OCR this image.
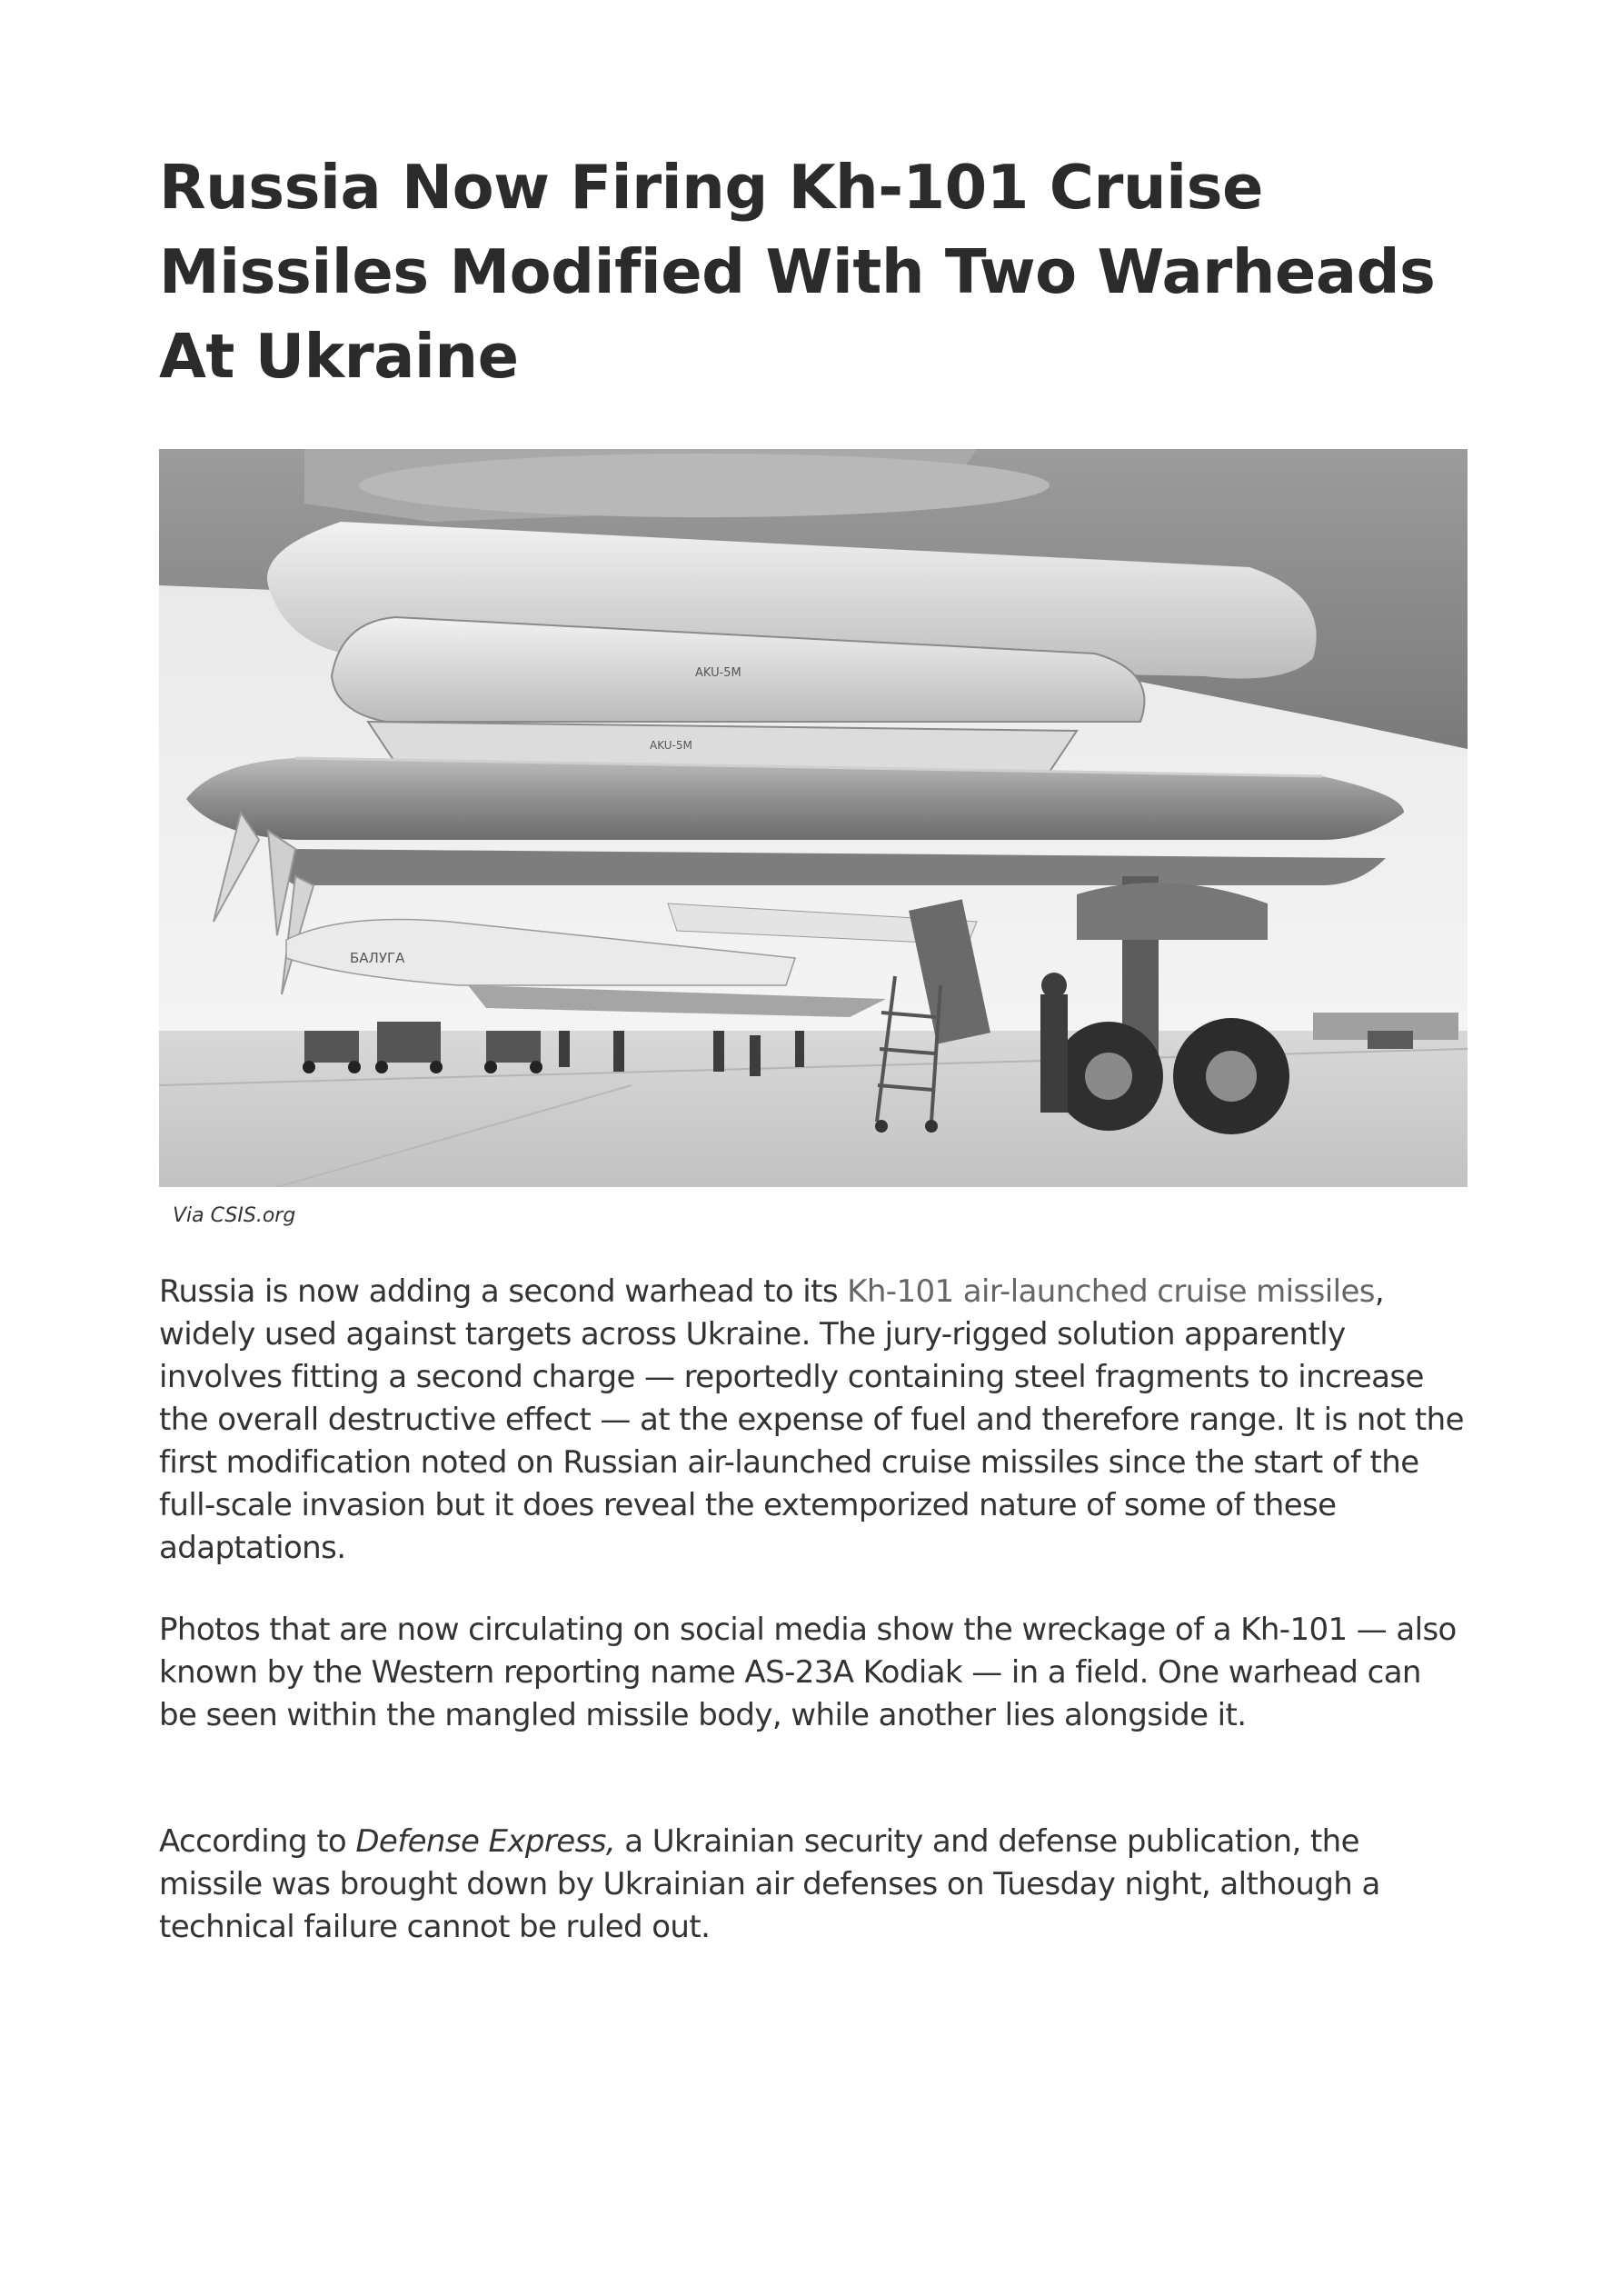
Russia Now Firing Kh-101 Cruise Missiles Modified With Two Warheads At Ukraine
AKU-5M
AKU-5M
БАЛУГА
Via CSIS.org

Russia is now adding a second warhead to its Kh-101 air-launched cruise missiles, widely used against targets across Ukraine. The jury-rigged solution apparently involves fitting a second charge — reportedly containing steel fragments to increase the overall destructive effect — at the expense of fuel and therefore range. It is not the first modification noted on Russian air-launched cruise missiles since the start of the full-scale invasion but it does reveal the extemporized nature of some of these adaptations.

Photos that are now circulating on social media show the wreckage of a Kh-101 — also known by the Western reporting name AS-23A Kodiak — in a field. One warhead can be seen within the mangled missile body, while another lies alongside it.

According to Defense Express, a Ukrainian security and defense publication, the missile was brought down by Ukrainian air defenses on Tuesday night, although a technical failure cannot be ruled out.
